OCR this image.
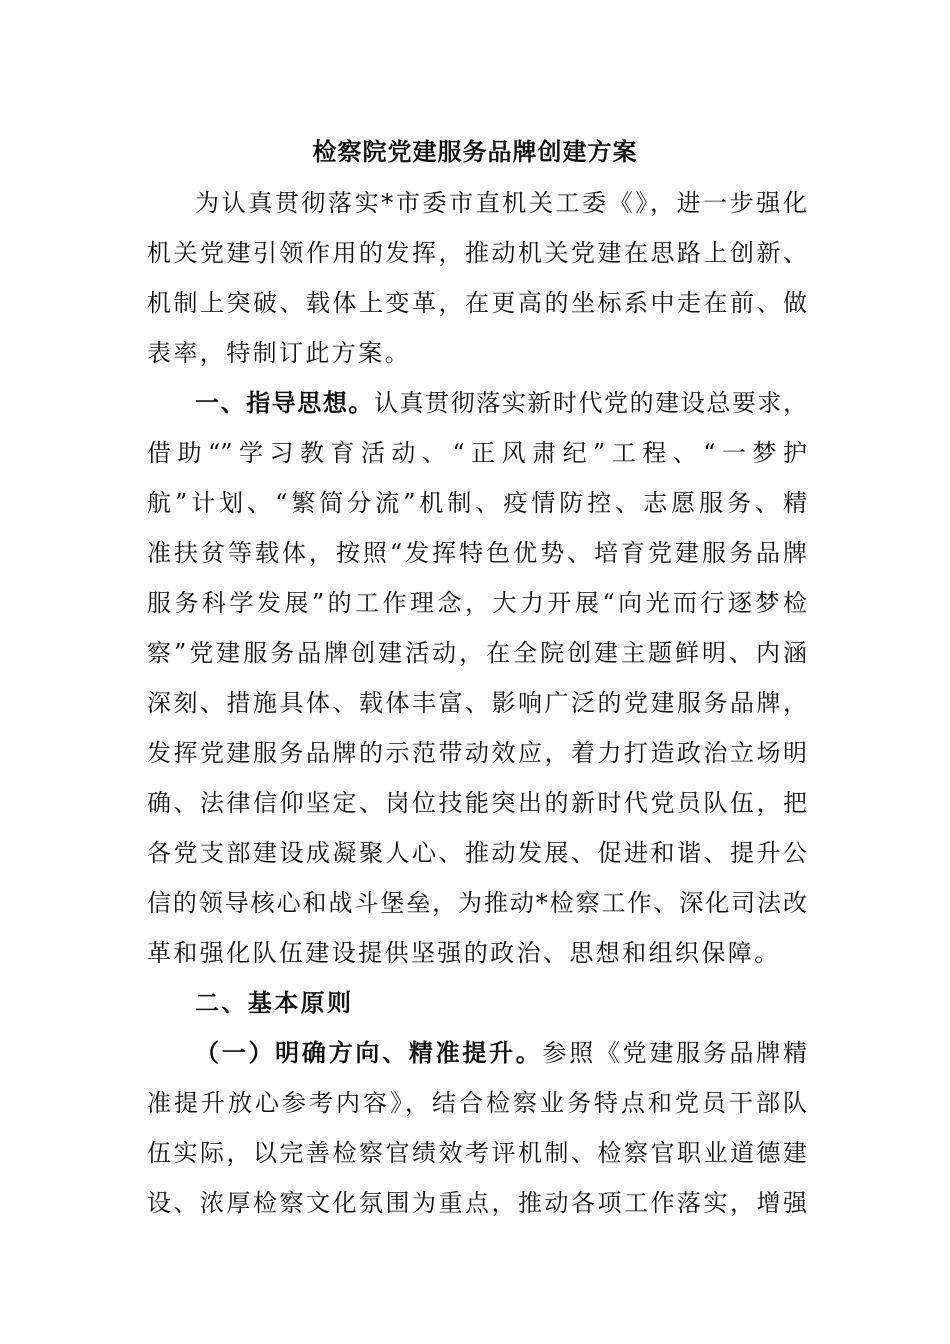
检察院党建服务品牌创建方案
为认真贯彻落实*市委市直机关工委《》，进一步强化
机关党建引领作用的发挥，推动机关党建在思路上创新、
机制上突破、载体上变革，在更高的坐标系中走在前、做
表率，特制订此方案。
一、指导思想。认真贯彻落实新时代党的建设总要求，
借助“”学习教育活动、“正风肃纪”工程、“一梦护
航”计划、“繁简分流”机制、疫情防控、志愿服务、精
准扶贫等载体，按照“发挥特色优势、培育党建服务品牌
服务科学发展”的工作理念，大力开展“向光而行逐梦检
察”党建服务品牌创建活动，在全院创建主题鲜明、内涵
深刻、措施具体、载体丰富、影响广泛的党建服务品牌，
发挥党建服务品牌的示范带动效应，着力打造政治立场明
确、法律信仰坚定、岗位技能突出的新时代党员队伍，把
各党支部建设成凝聚人心、推动发展、促进和谐、提升公
信的领导核心和战斗堡垒，为推动*检察工作、深化司法改
革和强化队伍建设提供坚强的政治、思想和组织保障。
二、基本原则
（一）明确方向、精准提升。参照《党建服务品牌精
准提升放心参考内容》，结合检察业务特点和党员干部队
伍实际，以完善检察官绩效考评机制、检察官职业道德建
设、浓厚检察文化氛围为重点，推动各项工作落实，增强
